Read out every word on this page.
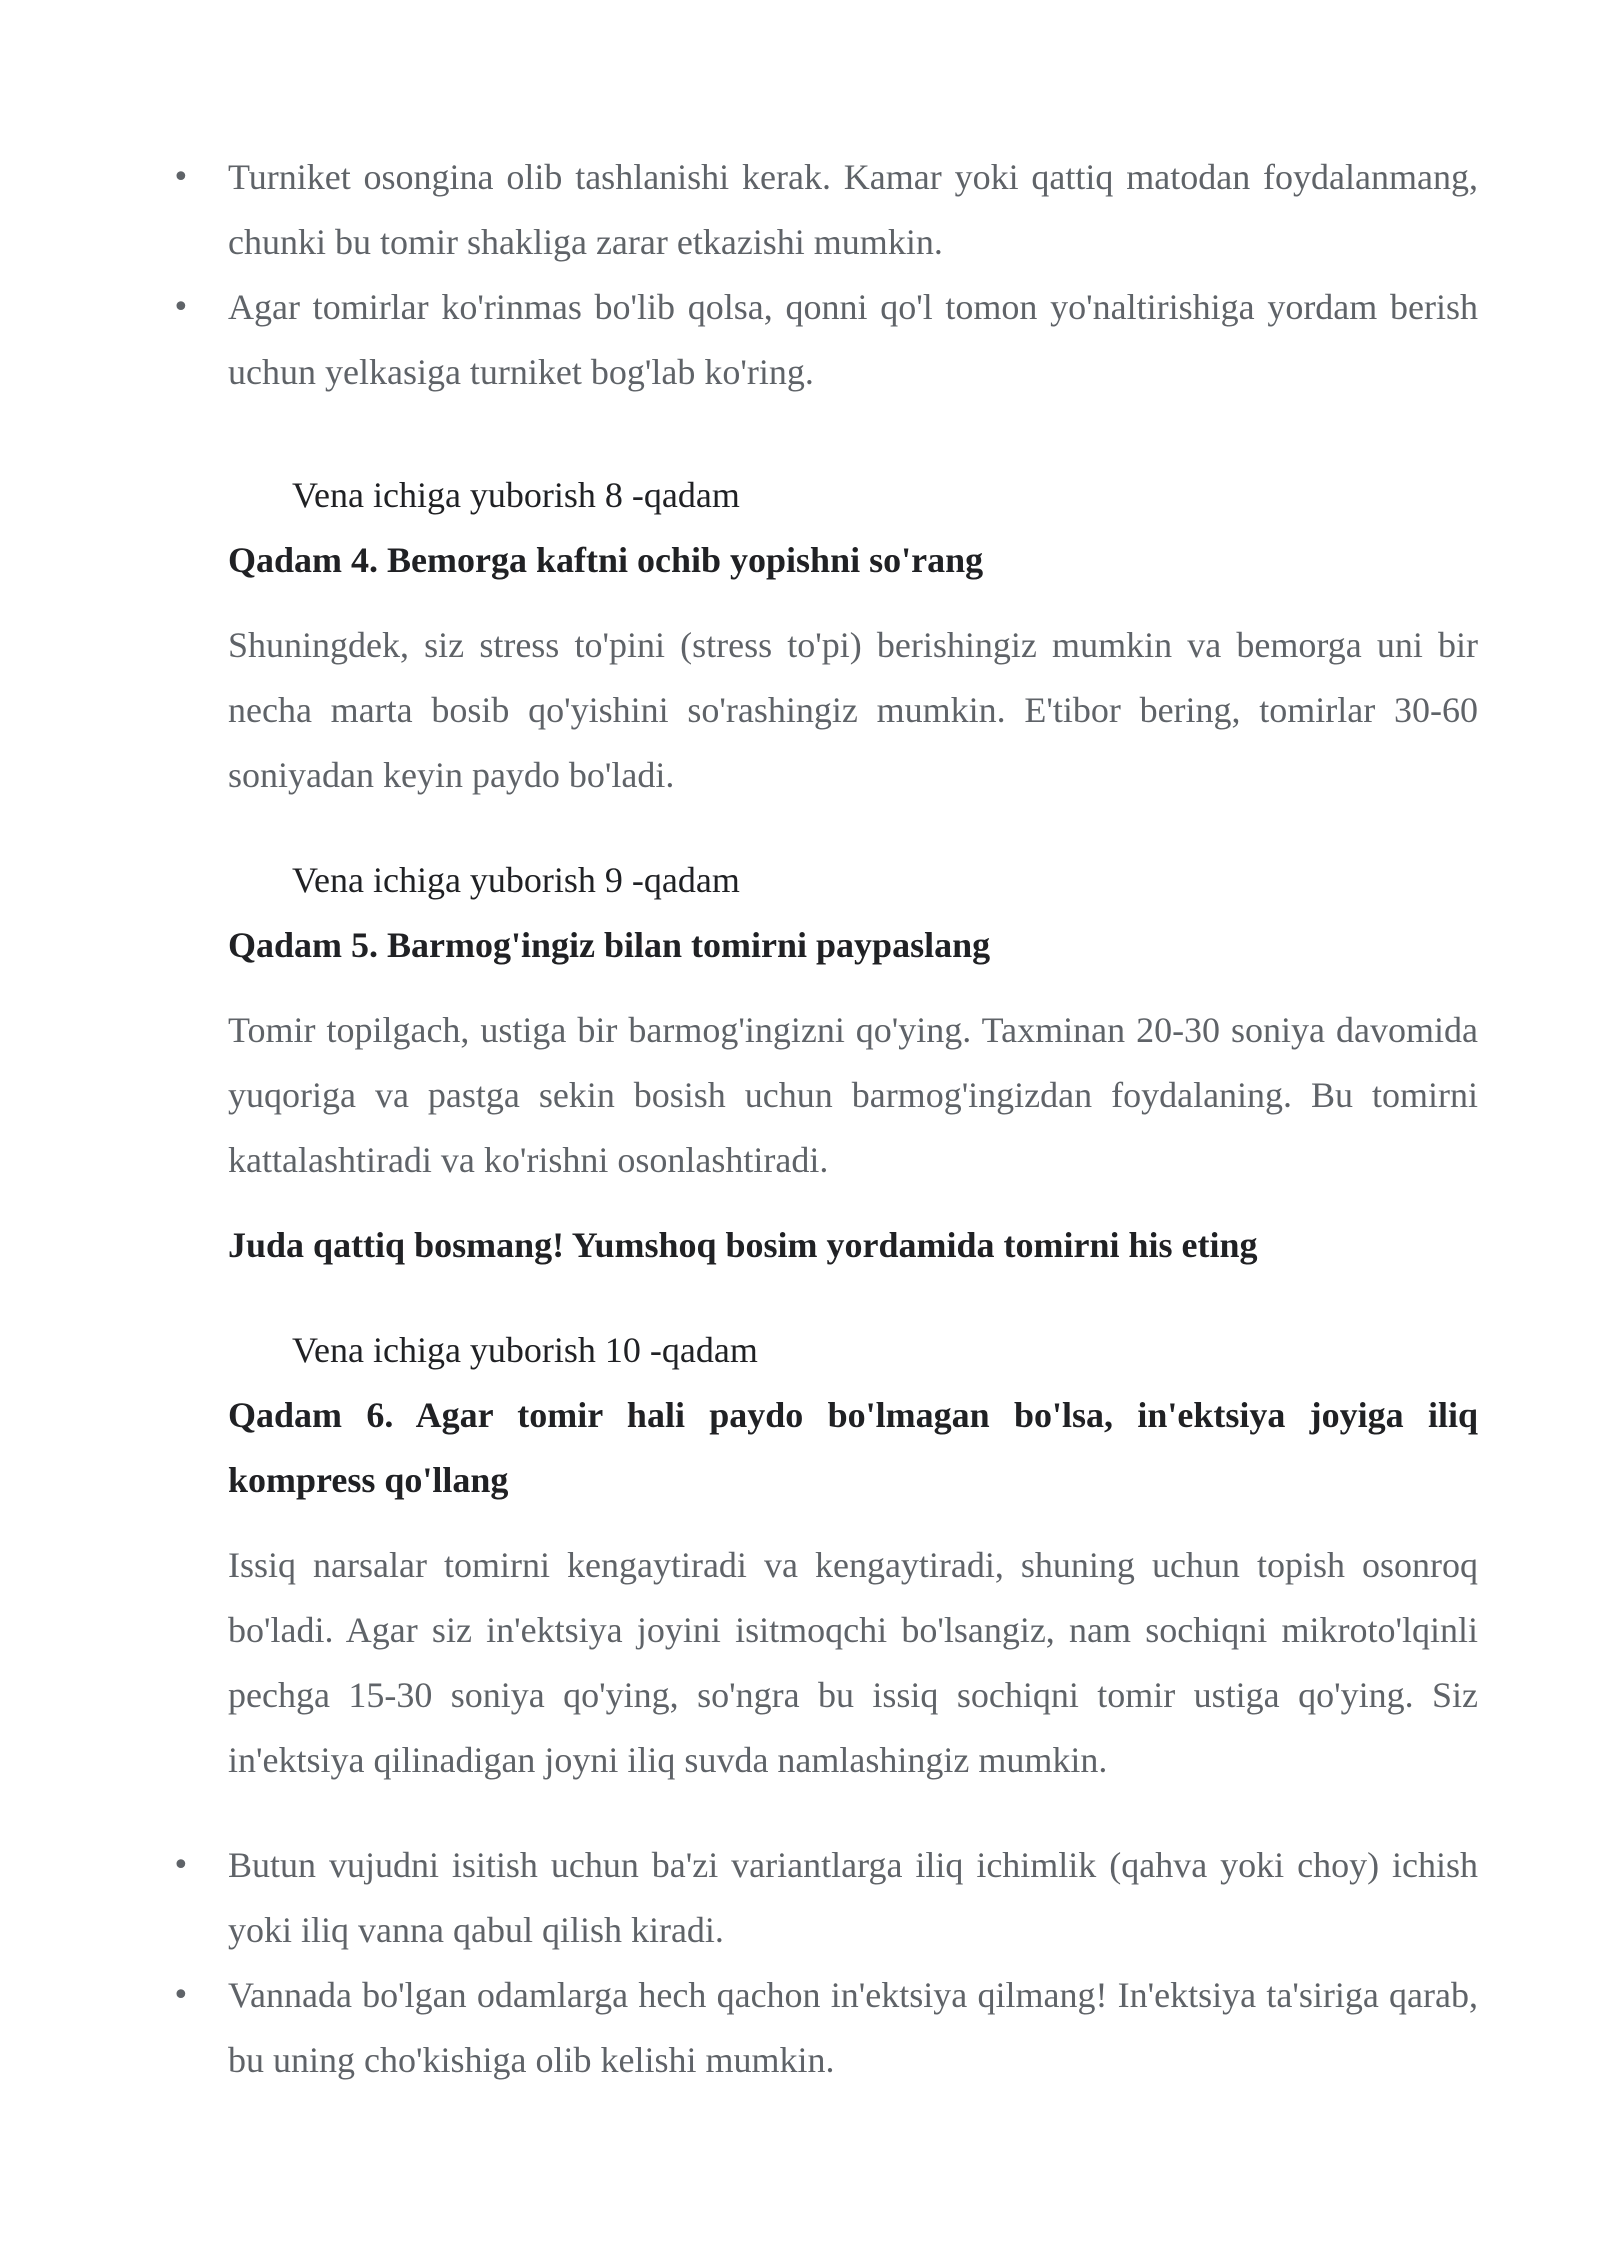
• Turniket osongina olib tashlanishi kerak. Kamar yoki qattiq matodan foydalanmang, chunki bu tomir shakliga zarar etkazishi mumkin.
• Agar tomirlar ko'rinmas bo'lib qolsa, qonni qo'l tomon yo'naltirishiga yordam berish uchun yelkasiga turniket bog'lab ko'ring.

Vena ichiga yuborish 8 -qadam

Qadam 4. Bemorga kaftni ochib yopishni so'rang

Shuningdek, siz stress to'pini (stress to'pi) berishingiz mumkin va bemorga uni bir necha marta bosib qo'yishini so'rashingiz mumkin. E'tibor bering, tomirlar 30-60 soniyadan keyin paydo bo'ladi.

Vena ichiga yuborish 9 -qadam

Qadam 5. Barmog'ingiz bilan tomirni paypaslang

Tomir topilgach, ustiga bir barmog'ingizni qo'ying. Taxminan 20-30 soniya davomida yuqoriga va pastga sekin bosish uchun barmog'ingizdan foydalaning. Bu tomirni kattalashtiradi va ko'rishni osonlashtiradi.

Juda qattiq bosmang! Yumshoq bosim yordamida tomirni his eting

Vena ichiga yuborish 10 -qadam

Qadam 6. Agar tomir hali paydo bo'lmagan bo'lsa, in'ektsiya joyiga iliq kompress qo'llang

Issiq narsalar tomirni kengaytiradi va kengaytiradi, shuning uchun topish osonroq bo'ladi. Agar siz in'ektsiya joyini isitmoqchi bo'lsangiz, nam sochiqni mikroto'lqinli pechga 15-30 soniya qo'ying, so'ngra bu issiq sochiqni tomir ustiga qo'ying. Siz in'ektsiya qilinadigan joyni iliq suvda namlashingiz mumkin.

• Butun vujudni isitish uchun ba'zi variantlarga iliq ichimlik (qahva yoki choy) ichish yoki iliq vanna qabul qilish kiradi.
• Vannada bo'lgan odamlarga hech qachon in'ektsiya qilmang! In'ektsiya ta'siriga qarab, bu uning cho'kishiga olib kelishi mumkin.
